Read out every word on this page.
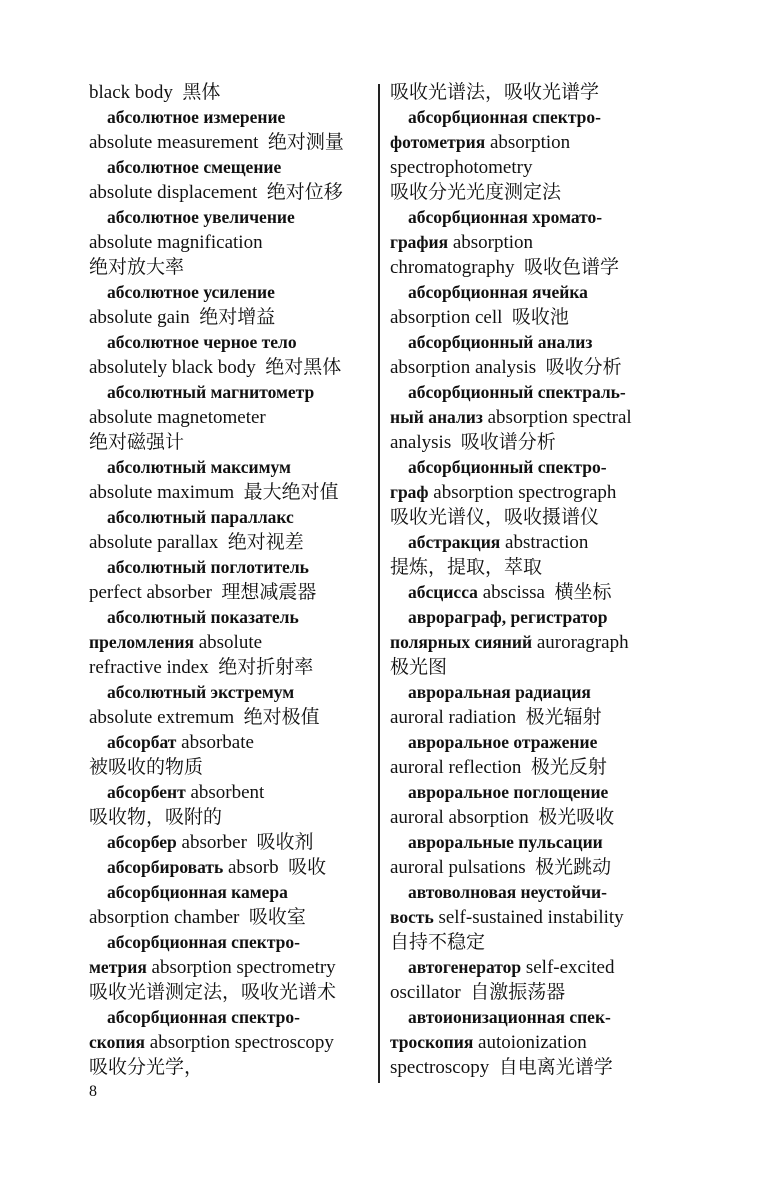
black body  黑体
абсолютное измерение
absolute measurement  绝对测量
абсолютное смещение
absolute displacement  绝对位移
абсолютное увеличение
absolute magnification
绝对放大率
абсолютное усиление
absolute gain  绝对增益
абсолютное черное тело
absolutely black body  绝对黑体
абсолютный магнитометр
absolute magnetometer
绝对磁强计
абсолютный максимум
absolute maximum  最大绝对值
абсолютный параллакс
absolute parallax  绝对视差
абсолютный поглотитель
perfect absorber  理想减震器
абсолютный показатель
преломления absolute
refractive index  绝对折射率
абсолютный экстремум
absolute extremum  绝对极值
абсорбат absorbate
被吸收的物质
абсорбент absorbent
吸收物，吸附的
абсорбер absorber  吸收剂
абсорбировать absorb  吸收
абсорбционная камера
absorption chamber  吸收室
абсорбционная спектро-
метрия absorption spectrometry
吸收光谱测定法，吸收光谱术
абсорбционная спектро-
скопия absorption spectroscopy
吸收分光学，
吸收光谱法，吸收光谱学
абсорбционная спектро-
фотометрия absorption
spectrophotometry
吸收分光光度测定法
абсорбционная хромато-
графия absorption
chromatography  吸收色谱学
абсорбционная ячейка
absorption cell  吸收池
абсорбционный анализ
absorption analysis  吸收分析
абсорбционный спектраль-
ный анализ absorption spectral
analysis  吸收谱分析
абсорбционный спектро-
граф absorption spectrograph
吸收光谱仪，吸收摄谱仪
абстракция abstraction
提炼，提取，萃取
абсцисса abscissa  横坐标
аврораграф, регистратор
полярных сияний auroragraph
极光图
авроральная радиация
auroral radiation  极光辐射
авроральное отражение
auroral reflection  极光反射
авроральное поглощение
auroral absorption  极光吸收
авроральные пульсации
auroral pulsations  极光跳动
автоволновая неустойчи-
вость self-sustained instability
自持不稳定
автогенератор self-excited
oscillator  自激振荡器
автоионизационная спек-
троскопия autoionization
spectroscopy  自电离光谱学
8
